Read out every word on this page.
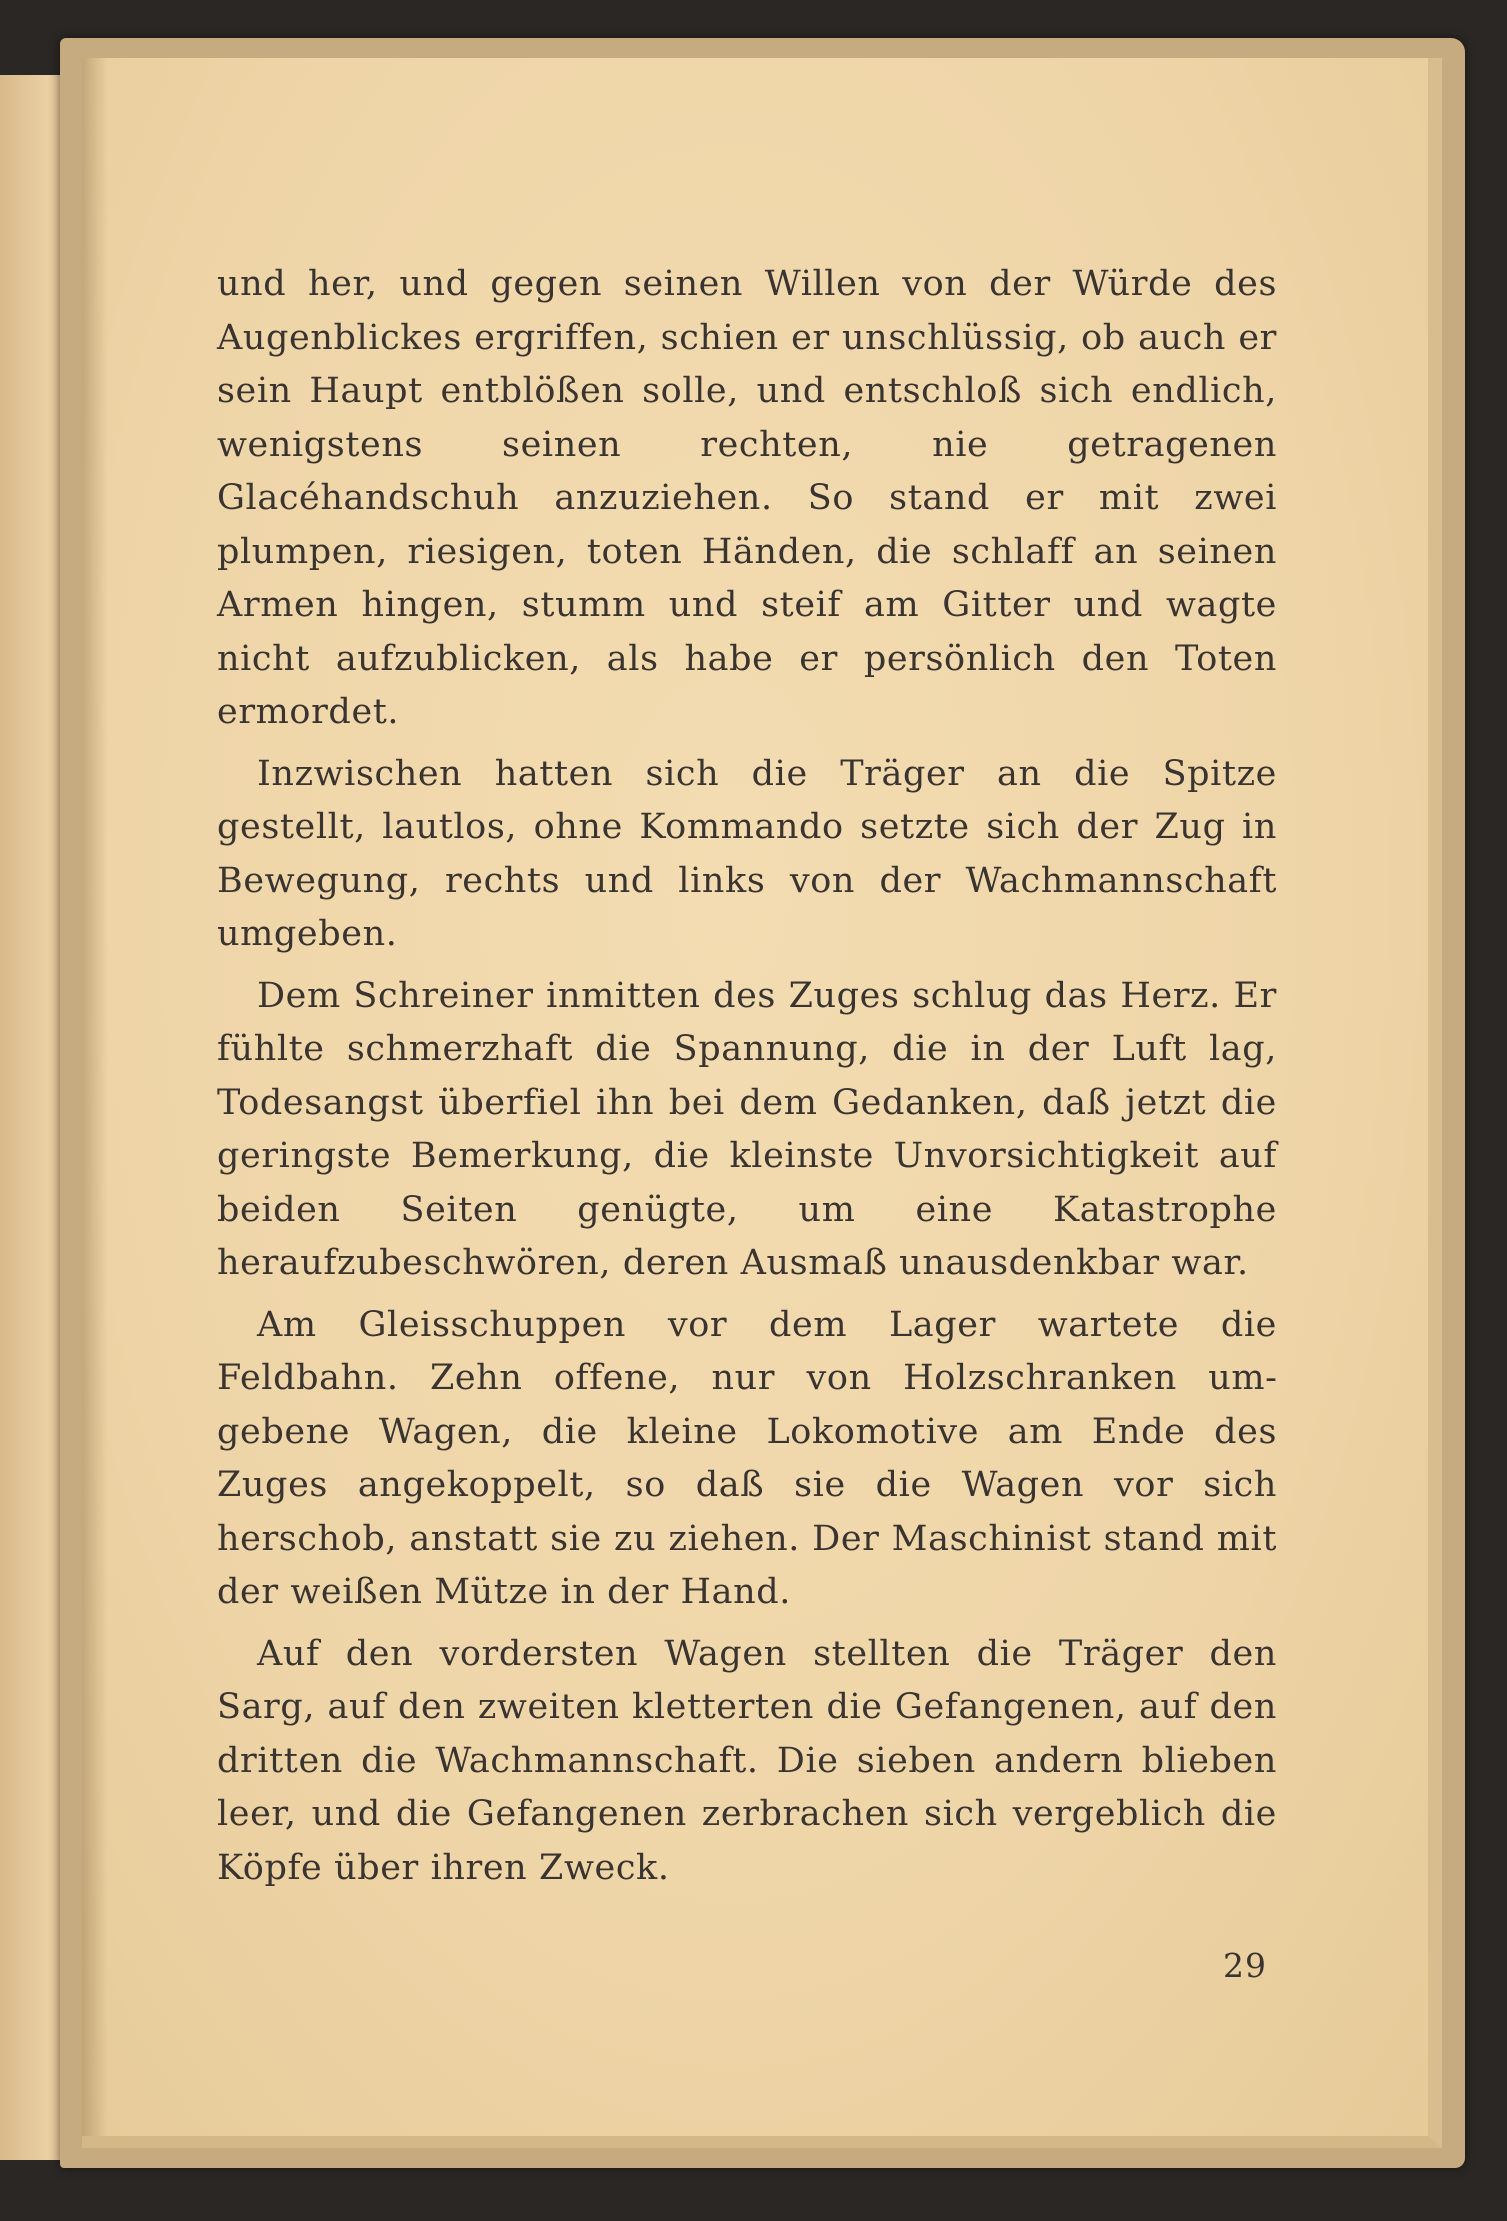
und her, und gegen seinen Willen von der Würde des Augenblickes ergriffen, schien er unschlüssig, ob auch er sein Haupt entblößen solle, und entschloß sich endlich, wenigstens seinen rechten, nie getragenen Glacéhandschuh anzuziehen. So stand er mit zwei plumpen, riesigen, toten Händen, die schlaff an seinen Armen hingen, stumm und steif am Gitter und wagte nicht aufzublicken, als habe er persönlich den Toten ermordet.

Inzwischen hatten sich die Träger an die Spitze gestellt, lautlos, ohne Kommando setzte sich der Zug in Bewegung, rechts und links von der Wachmannschaft umgeben.

Dem Schreiner inmitten des Zuges schlug das Herz. Er fühlte schmerzhaft die Spannung, die in der Luft lag, Todesangst überfiel ihn bei dem Gedanken, daß jetzt die geringste Bemerkung, die kleinste Unvorsichtigkeit auf beiden Seiten genügte, um eine Katastrophe heraufzubeschwören, deren Ausmaß unausdenkbar war.

Am Gleisschuppen vor dem Lager wartete die Feldbahn. Zehn offene, nur von Holzschranken umgebene Wagen, die kleine Lokomotive am Ende des Zuges angekoppelt, so daß sie die Wagen vor sich herschob, anstatt sie zu ziehen. Der Maschinist stand mit der weißen Mütze in der Hand.

Auf den vordersten Wagen stellten die Träger den Sarg, auf den zweiten kletterten die Gefangenen, auf den dritten die Wachmannschaft. Die sieben andern blieben leer, und die Gefangenen zerbrachen sich vergeblich die Köpfe über ihren Zweck.

29
